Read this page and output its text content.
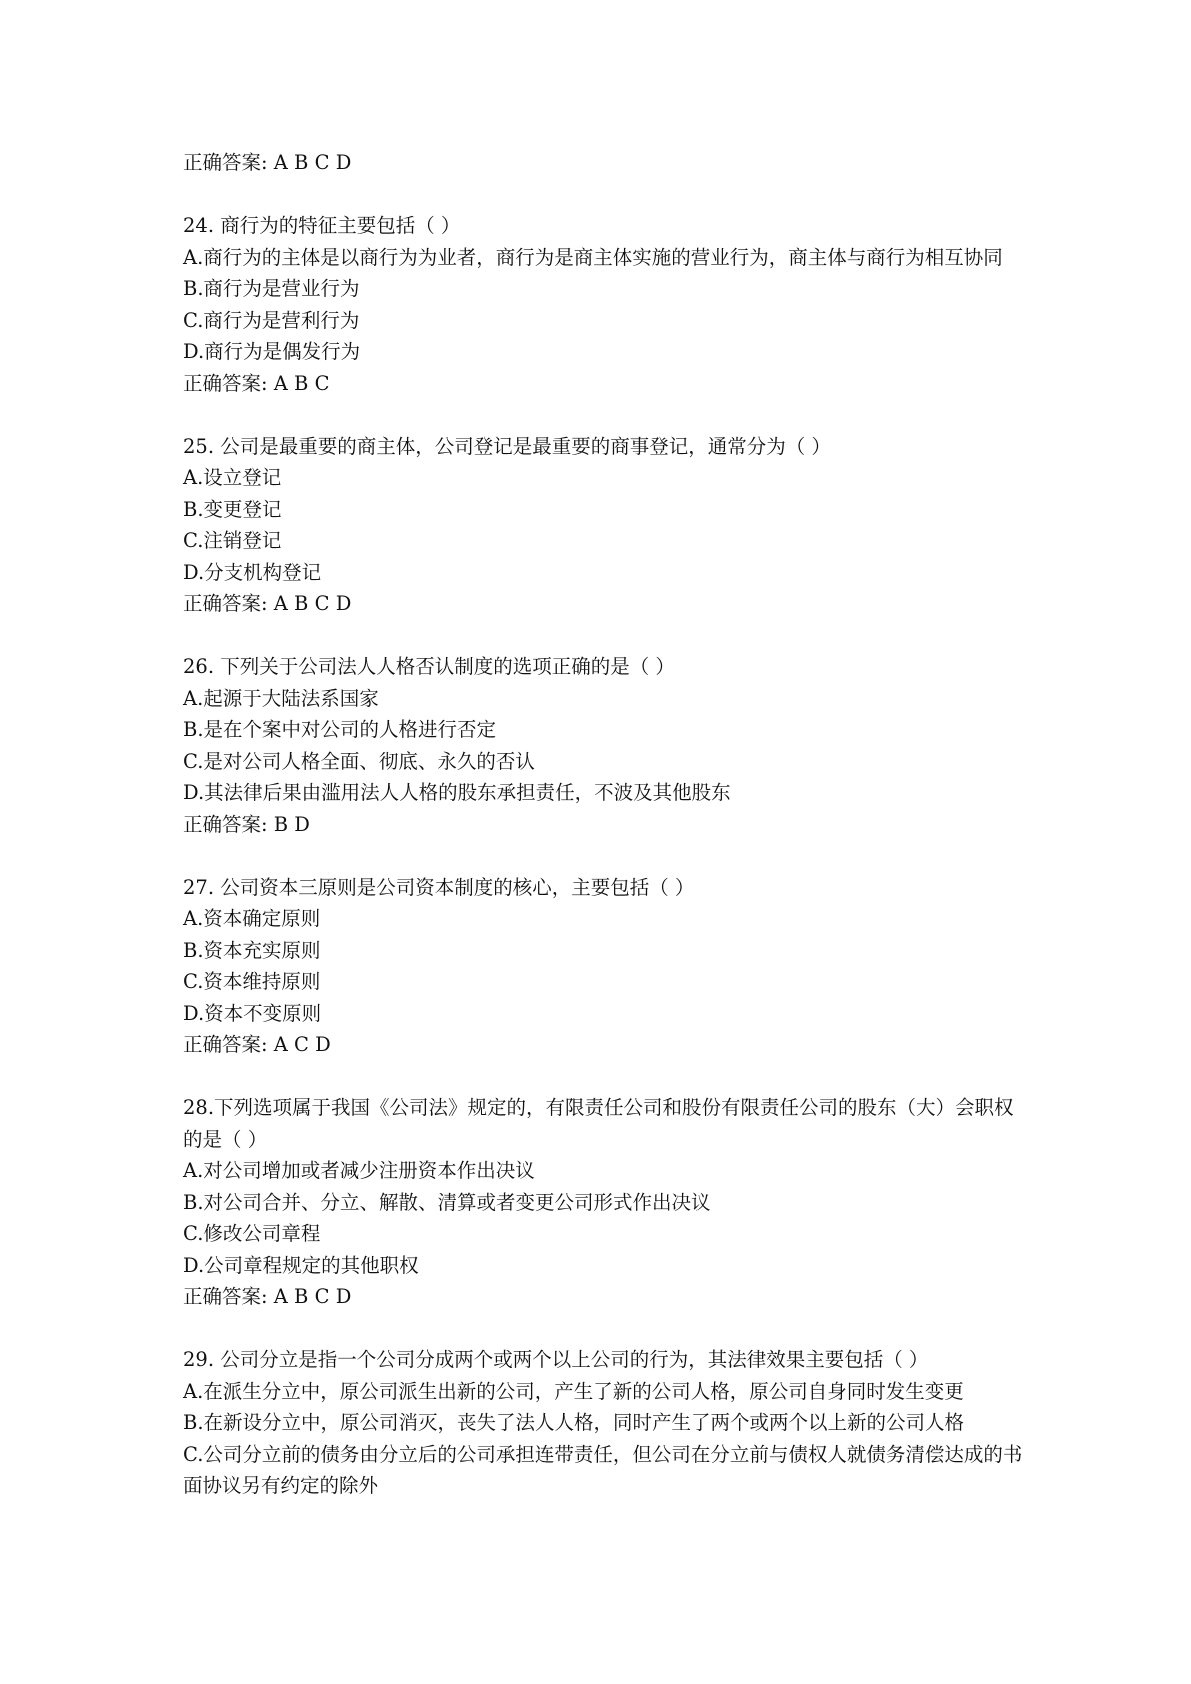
正确答案: A B C D
24. 商行为的特征主要包括（ ）
A.商行为的主体是以商行为为业者，商行为是商主体实施的营业行为，商主体与商行为相互协同
B.商行为是营业行为
C.商行为是营利行为
D.商行为是偶发行为
正确答案: A B C
25. 公司是最重要的商主体，公司登记是最重要的商事登记，通常分为（ ）
A.设立登记
B.变更登记
C.注销登记
D.分支机构登记
正确答案: A B C D
26. 下列关于公司法人人格否认制度的选项正确的是（ ）
A.起源于大陆法系国家
B.是在个案中对公司的人格进行否定
C.是对公司人格全面、彻底、永久的否认
D.其法律后果由滥用法人人格的股东承担责任，不波及其他股东
正确答案: B D
27. 公司资本三原则是公司资本制度的核心，主要包括（ ）
A.资本确定原则
B.资本充实原则
C.资本维持原则
D.资本不变原则
正确答案: A C D
28.下列选项属于我国《公司法》规定的，有限责任公司和股份有限责任公司的股东（大）会职权的是（ ）
A.对公司增加或者减少注册资本作出决议
B.对公司合并、分立、解散、清算或者变更公司形式作出决议
C.修改公司章程
D.公司章程规定的其他职权
正确答案: A B C D
29. 公司分立是指一个公司分成两个或两个以上公司的行为，其法律效果主要包括（ ）
A.在派生分立中，原公司派生出新的公司，产生了新的公司人格，原公司自身同时发生变更
B.在新设分立中，原公司消灭，丧失了法人人格，同时产生了两个或两个以上新的公司人格
C.公司分立前的债务由分立后的公司承担连带责任，但公司在分立前与债权人就债务清偿达成的书面协议另有约定的除外
